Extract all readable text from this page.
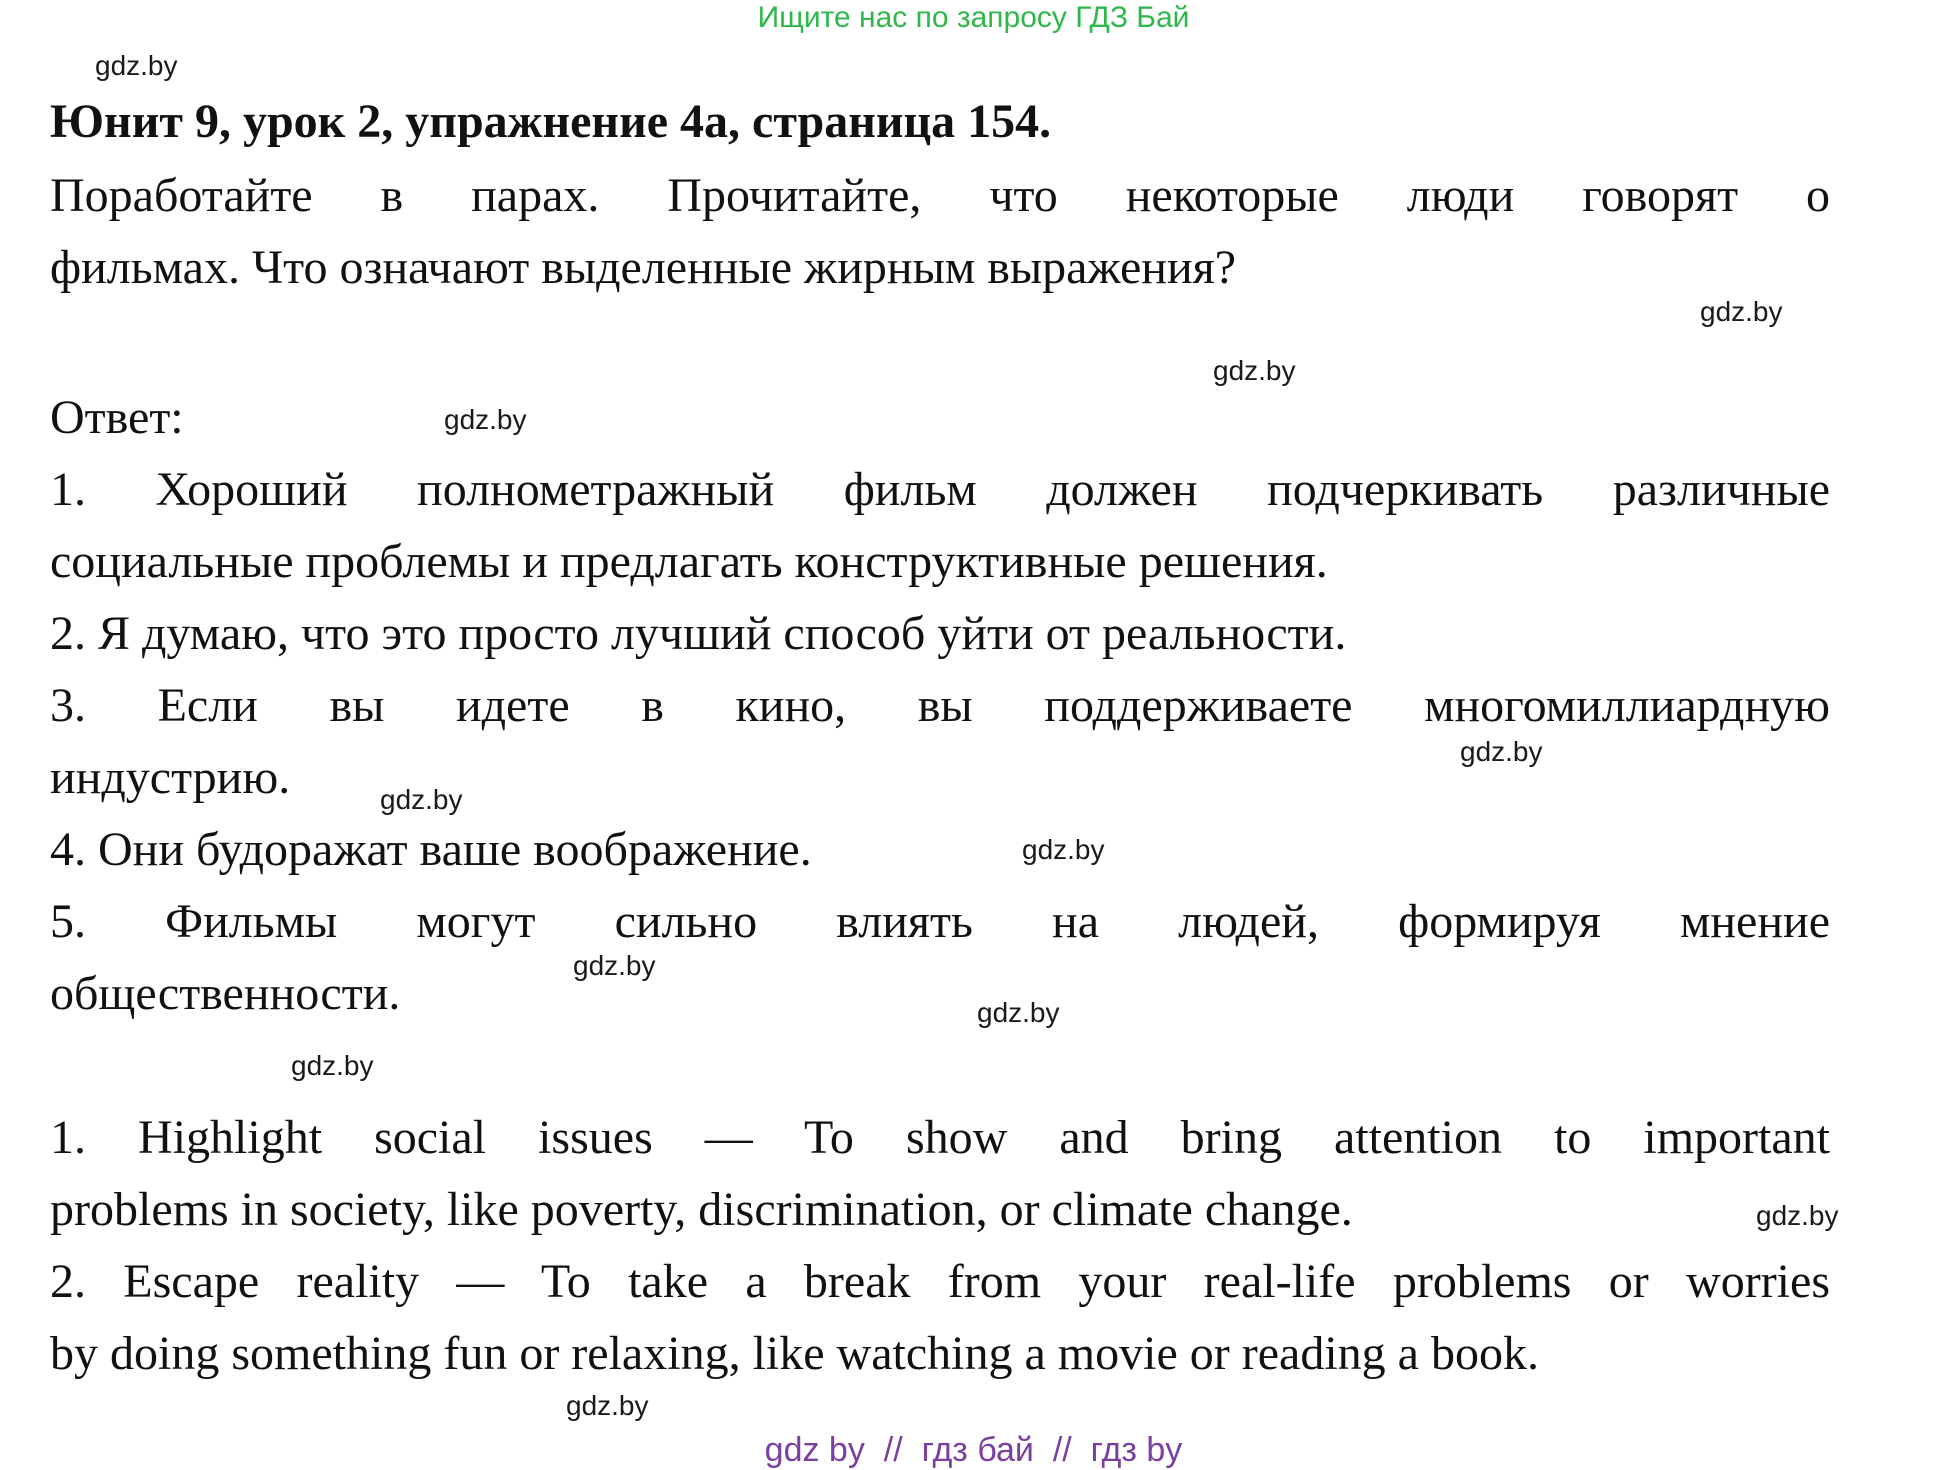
Ищите нас по запросу ГДЗ Бай
Юнит 9, урок 2, упражнение 4а, страница 154.
Поработайте в парах. Прочитайте, что некоторые люди говорят о
фильмах. Что означают выделенные жирным выражения?
Ответ:
1. Хороший полнометражный фильм должен подчеркивать различные
социальные проблемы и предлагать конструктивные решения.
2. Я думаю, что это просто лучший способ уйти от реальности.
3. Если вы идете в кино, вы поддерживаете многомиллиардную
индустрию.
4. Они будоражат ваше воображение.
5. Фильмы могут сильно влиять на людей, формируя мнение
общественности.
1. Highlight social issues — To show and bring attention to important
problems in society, like poverty, discrimination, or climate change.
2. Escape reality — To take a break from your real-life problems or worries
by doing something fun or relaxing, like watching a movie or reading a book.
gdz.by
gdz.by
gdz.by
gdz.by
gdz.by
gdz.by
gdz.by
gdz.by
gdz.by
gdz.by
gdz.by
gdz.by
gdz by // гдз бай // гдз by
